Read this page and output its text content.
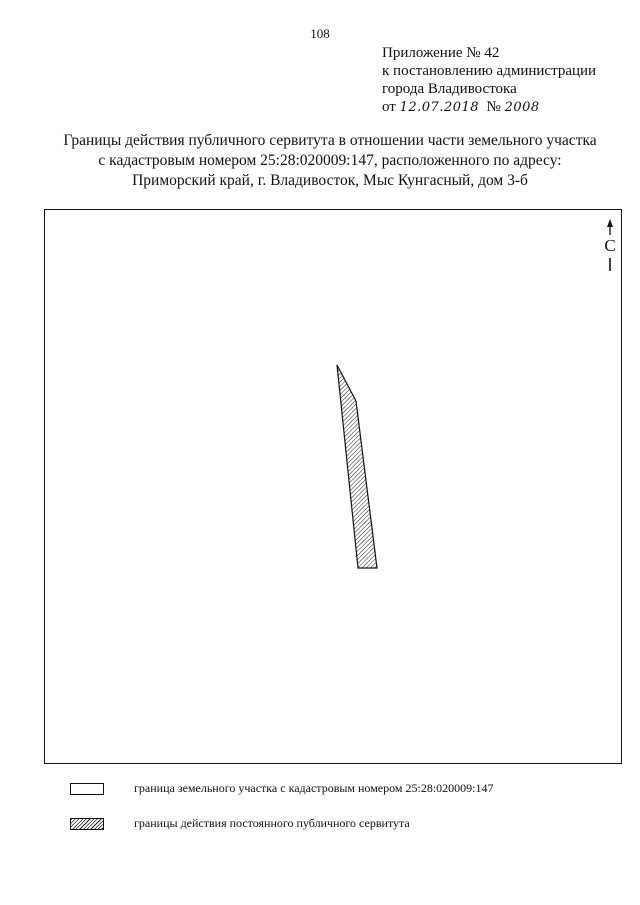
108
Приложение № 42
к постановлению администрации
города Владивостока
от 12.07.2018 № 2008
Границы действия публичного сервитута в отношении части земельного участка с кадастровым номером 25:28:020009:147, расположенного по адресу: Приморский край, г. Владивосток, Мыс Кунгасный, дом 3-б
С
граница земельного участка с кадастровым номером 25:28:020009:147
границы действия постоянного публичного сервитута
